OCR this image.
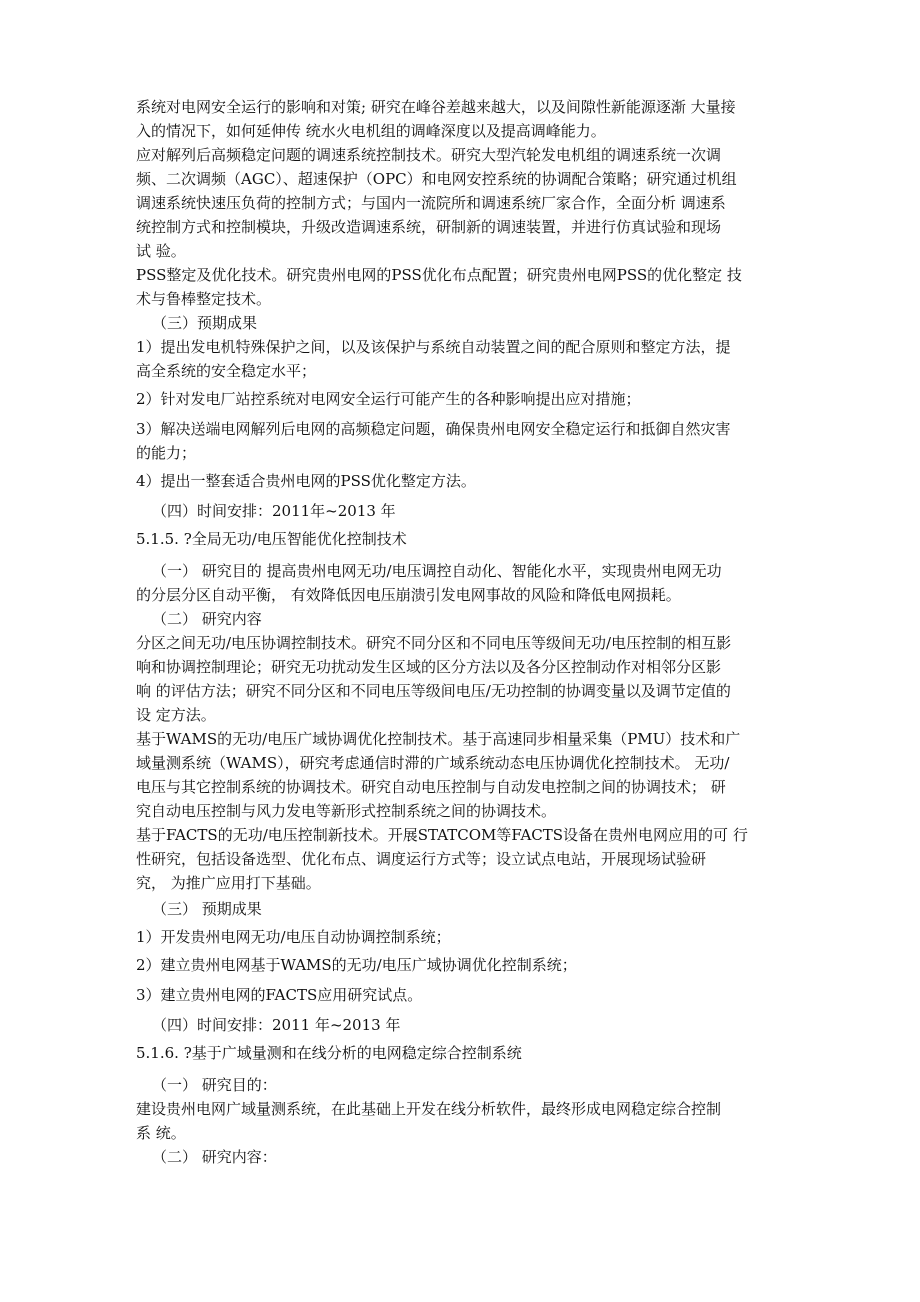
系统对电网安全运行的影响和对策; 研究在峰谷差越来越大，以及间隙性新能源逐渐 大量接
入的情况下，如何延伸传 统水火电机组的调峰深度以及提高调峰能力。
应对解列后高频稳定问题的调速系统控制技术。研究大型汽轮发电机组的调速系统一次调
频、二次调频（AGC）、超速保护（OPC）和电网安控系统的协调配合策略；研究通过机组
调速系统快速压负荷的控制方式；与国内一流院所和调速系统厂家合作，全面分析 调速系
统控制方式和控制模块，升级改造调速系统，研制新的调速装置，并进行仿真试验和现场
试 验。
PSS整定及优化技术。研究贵州电网的PSS优化布点配置；研究贵州电网PSS的优化整定 技
术与鲁棒整定技术。
（三）预期成果
1）提出发电机特殊保护之间，以及该保护与系统自动装置之间的配合原则和整定方法，提
高全系统的安全稳定水平；
2）针对发电厂站控系统对电网安全运行可能产生的各种影响提出应对措施；
3）解决送端电网解列后电网的高频稳定问题，确保贵州电网安全稳定运行和抵御自然灾害
的能力；
4）提出一整套适合贵州电网的PSS优化整定方法。
（四）时间安排：2011年~2013 年
5.1.5. ?全局无功/电压智能优化控制技术
（一） 研究目的 提高贵州电网无功/电压调控自动化、智能化水平，实现贵州电网无功
的分层分区自动平衡， 有效降低因电压崩溃引发电网事故的风险和降低电网损耗。
（二） 研究内容
分区之间无功/电压协调控制技术。研究不同分区和不同电压等级间无功/电压控制的相互影
响和协调控制理论；研究无功扰动发生区域的区分方法以及各分区控制动作对相邻分区影
响 的评估方法；研究不同分区和不同电压等级间电压/无功控制的协调变量以及调节定值的
设 定方法。
基于WAMS的无功/电压广域协调优化控制技术。基于高速同步相量采集（PMU）技术和广
域量测系统（WAMS），研究考虑通信时滞的广域系统动态电压协调优化控制技术。 无功/
电压与其它控制系统的协调技术。研究自动电压控制与自动发电控制之间的协调技术； 研
究自动电压控制与风力发电等新形式控制系统之间的协调技术。
基于FACTS的无功/电压控制新技术。开展STATCOM等FACTS设备在贵州电网应用的可 行
性研究，包括设备选型、优化布点、调度运行方式等；设立试点电站，开展现场试验研
究， 为推广应用打下基础。
（三） 预期成果
1）开发贵州电网无功/电压自动协调控制系统；
2）建立贵州电网基于WAMS的无功/电压广域协调优化控制系统；
3）建立贵州电网的FACTS应用研究试点。
（四）时间安排：2011 年~2013 年
5.1.6. ?基于广域量测和在线分析的电网稳定综合控制系统
（一） 研究目的：
建设贵州电网广域量测系统，在此基础上开发在线分析软件，最终形成电网稳定综合控制
系 统。
（二） 研究内容：
